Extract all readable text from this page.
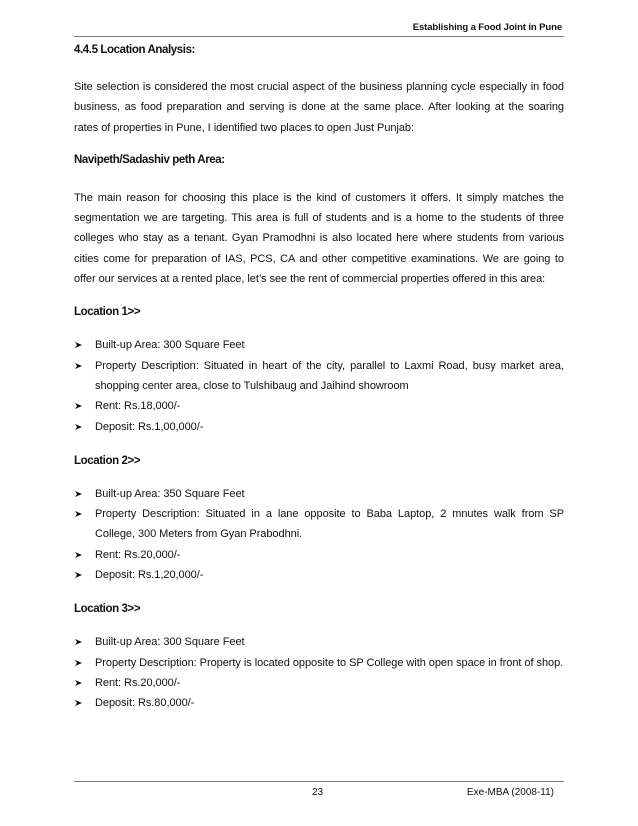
Establishing a Food Joint in Pune

4.4.5 Location Analysis:

Site selection is considered the most crucial aspect of the business planning cycle especially in food business, as food preparation and serving is done at the same place. After looking at the soaring rates of properties in Pune, I identified two places to open Just Punjab:

Navipeth/Sadashiv peth Area:

The main reason for choosing this place is the kind of customers it offers. It simply matches the segmentation we are targeting. This area is full of students and is a home to the students of three colleges who stay as a tenant. Gyan Pramodhni is also located here where students from various cities come for preparation of IAS, PCS, CA and other competitive examinations. We are going to offer our services at a rented place, let’s see the rent of commercial properties offered in this area:

Location 1>>

Built-up Area: 300 Square Feet
Property Description: Situated in heart of the city, parallel to Laxmi Road, busy market area, shopping center area, close to Tulshibaug and Jaihind showroom
Rent: Rs.18,000/-
Deposit: Rs.1,00,000/-

Location 2>>

Built-up Area: 350 Square Feet
Property Description: Situated in a lane opposite to Baba Laptop, 2 mnutes walk from SP College, 300 Meters from Gyan Prabodhni.
Rent: Rs.20,000/-
Deposit: Rs.1,20,000/-

Location 3>>

Built-up Area: 300 Square Feet
Property Description: Property is located opposite to SP College with open space in front of shop.
Rent: Rs.20,000/-
Deposit: Rs.80,000/-
23	Exe-MBA (2008-11)
